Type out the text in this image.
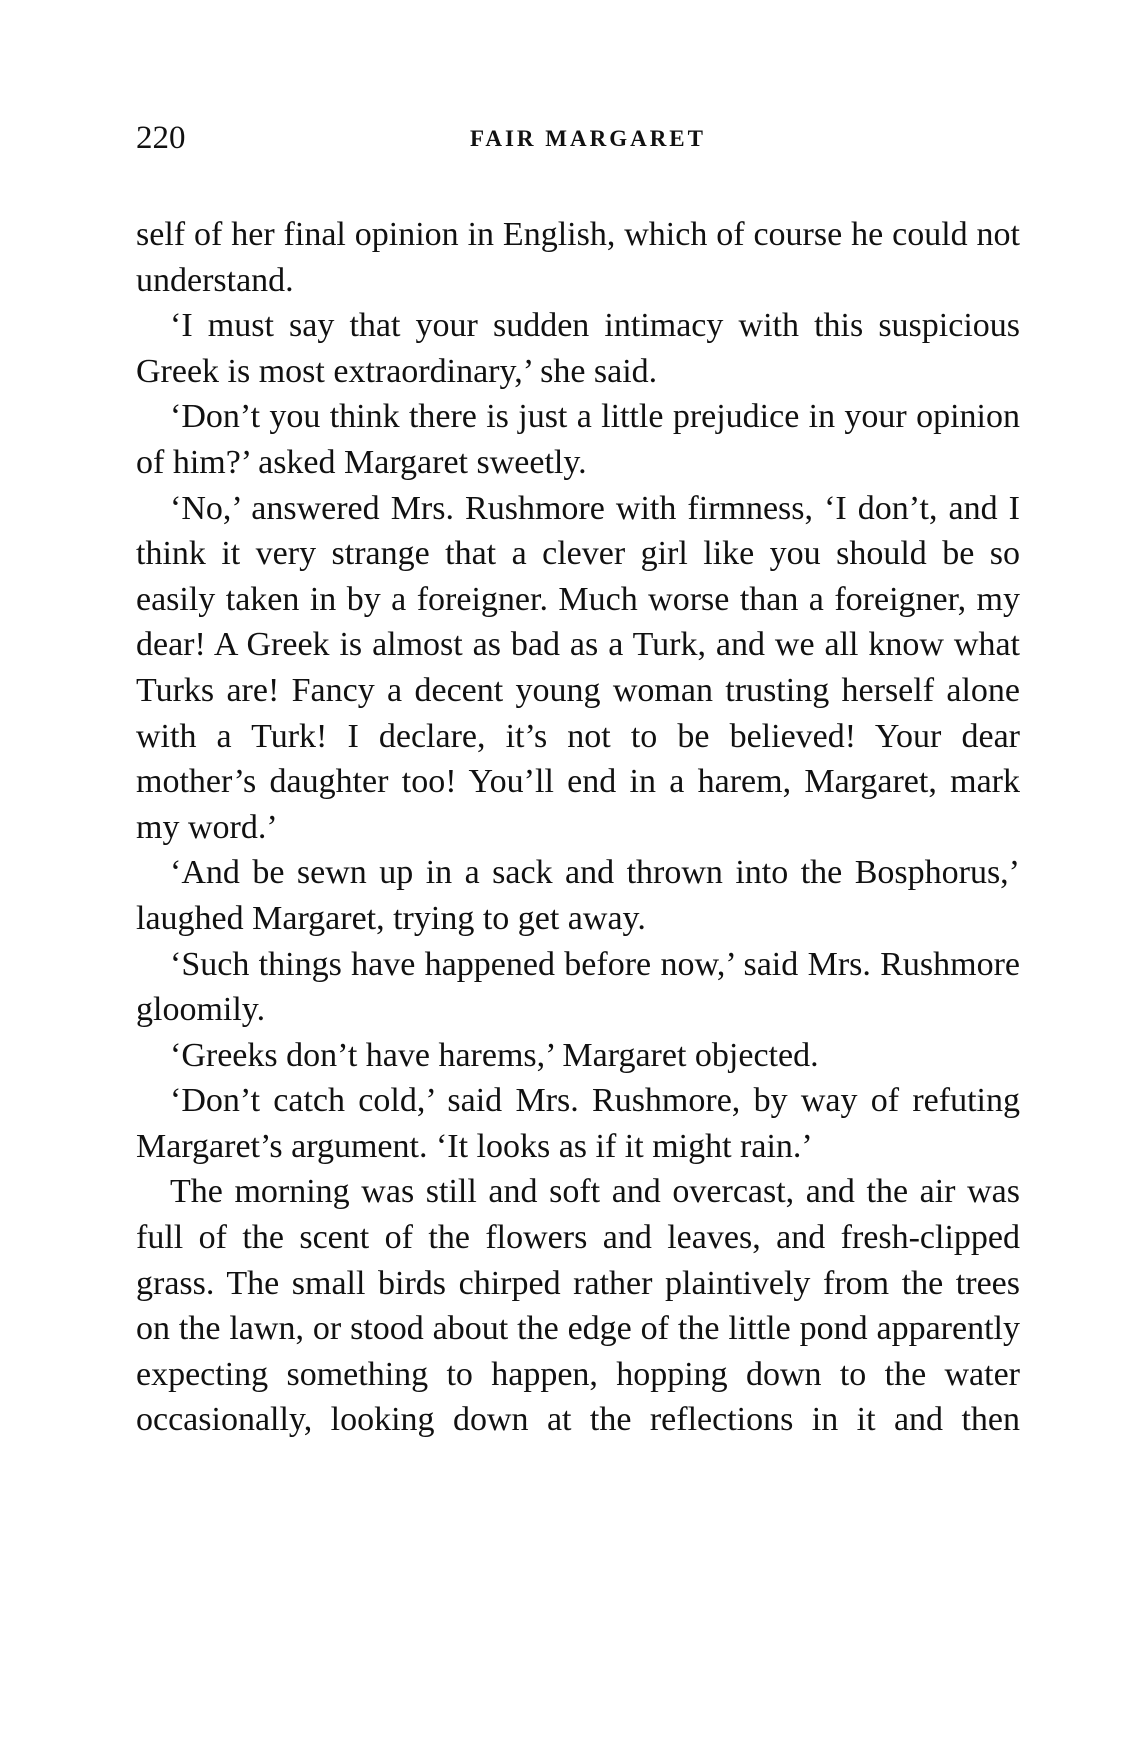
220	FAIR MARGARET

self of her final opinion in English, which of course he could not understand.

‘I must say that your sudden intimacy with this suspicious Greek is most extraordinary,’ she said.

‘Don’t you think there is just a little prejudice in your opinion of him?’ asked Margaret sweetly.

‘No,’ answered Mrs. Rushmore with firmness, ‘I don’t, and I think it very strange that a clever girl like you should be so easily taken in by a foreigner. Much worse than a foreigner, my dear! A Greek is almost as bad as a Turk, and we all know what Turks are! Fancy a decent young woman trusting herself alone with a Turk! I declare, it’s not to be believed! Your dear mother’s daughter too! You’ll end in a harem, Margaret, mark my word.’

‘And be sewn up in a sack and thrown into the Bosphorus,’ laughed Margaret, trying to get away.

‘Such things have happened before now,’ said Mrs. Rushmore gloomily.

‘Greeks don’t have harems,’ Margaret objected.

‘Don’t catch cold,’ said Mrs. Rushmore, by way of refuting Margaret’s argument. ‘It looks as if it might rain.’

The morning was still and soft and overcast, and the air was full of the scent of the flowers and leaves, and fresh-clipped grass. The small birds chirped rather plaintively from the trees on the lawn, or stood about the edge of the little pond apparently expecting something to happen, hopping down to the water occasionally, looking down at the reflections in it and then
